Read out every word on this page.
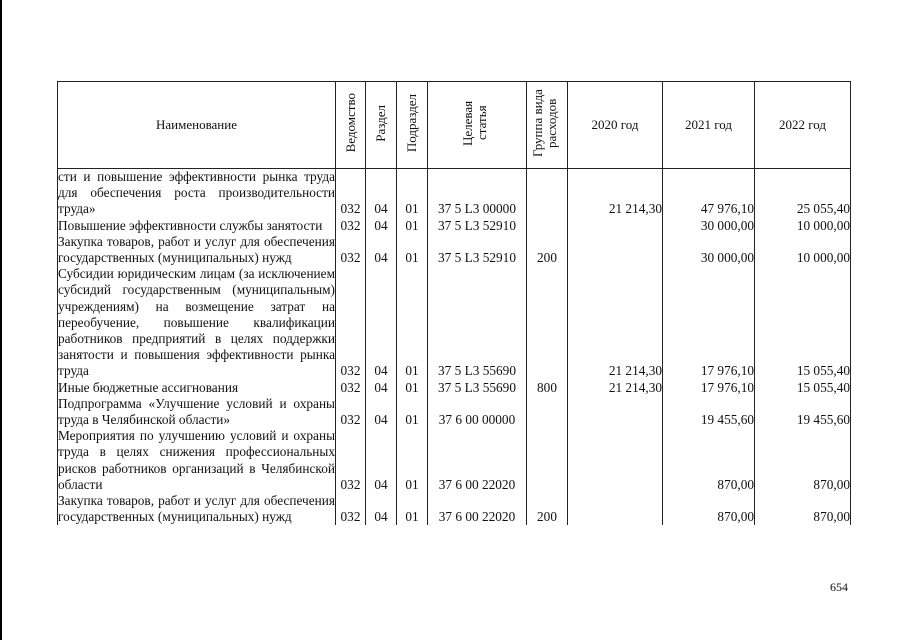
Наименование	Ведомство	Раздел	Подраздел	Целевая статья	Группа вида расходов	2020 год	2021 год	2022 год
сти и повышение эффективности рынка труда для обеспечения роста производительности труда»	032	04	01	37 5 L3 00000		21 214,30	47 976,10	25 055,40
Повышение эффективности службы занятости	032	04	01	37 5 L3 52910			30 000,00	10 000,00
Закупка товаров, работ и услуг для обеспечения государственных (муниципальных) нужд	032	04	01	37 5 L3 52910	200		30 000,00	10 000,00
Субсидии юридическим лицам (за исключением субсидий государственным (муниципальным) учреждениям) на возмещение затрат на переобучение, повышение квалификации работников предприятий в целях поддержки занятости и повышения эффективности рынка труда	032	04	01	37 5 L3 55690		21 214,30	17 976,10	15 055,40
Иные бюджетные ассигнования	032	04	01	37 5 L3 55690	800	21 214,30	17 976,10	15 055,40
Подпрограмма «Улучшение условий и охраны труда в Челябинской области»	032	04	01	37 6 00 00000			19 455,60	19 455,60
Мероприятия по улучшению условий и охраны труда в целях снижения профессиональных рисков работников организаций в Челябинской области	032	04	01	37 6 00 22020			870,00	870,00
Закупка товаров, работ и услуг для обеспечения государственных (муниципальных) нужд	032	04	01	37 6 00 22020	200		870,00	870,00
654
